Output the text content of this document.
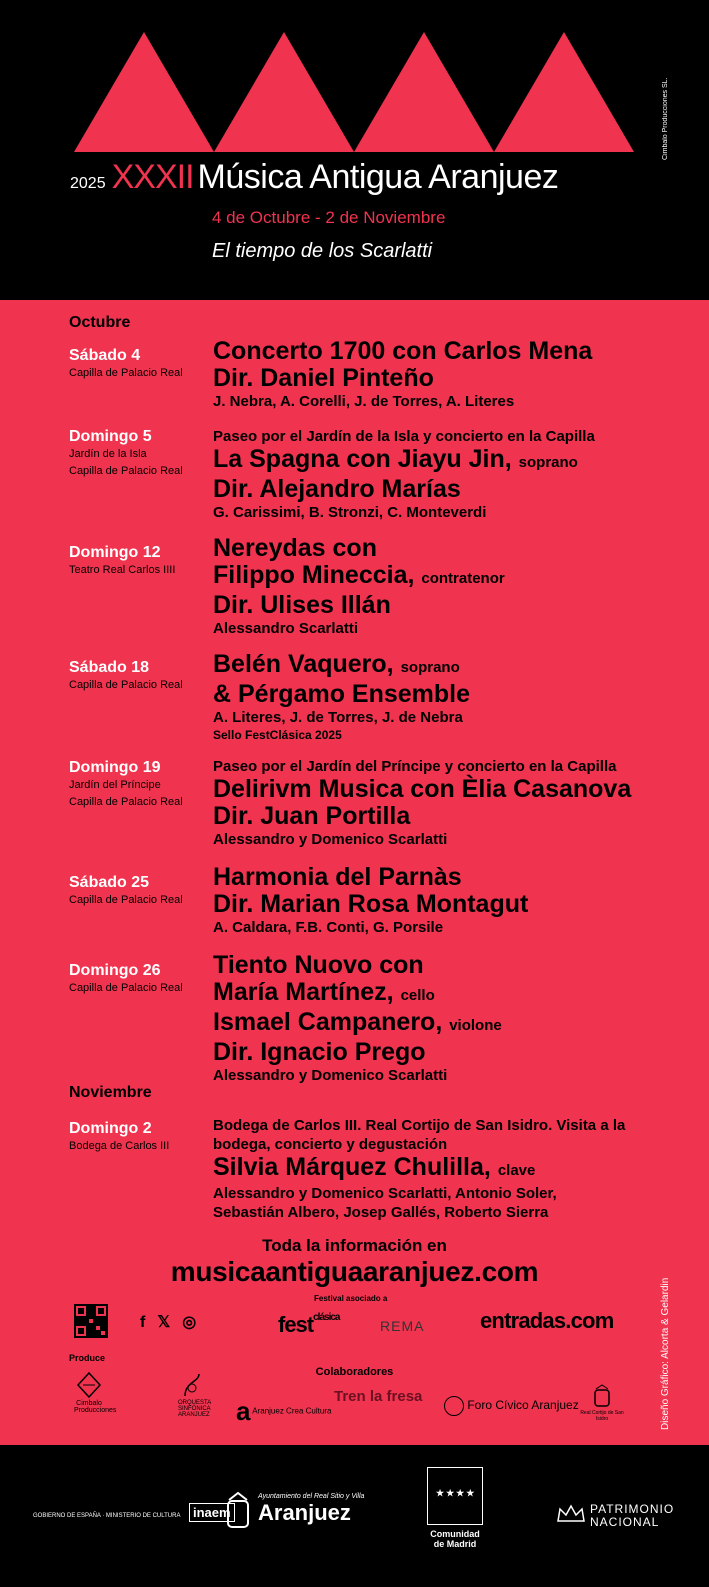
Cimbalo Producciones SL.
2025 XXXII Música Antigua Aranjuez
4 de Octubre - 2 de Noviembre
El tiempo de los Scarlatti
Octubre
Sábado 4
Capilla de Palacio Real
Concerto 1700 con Carlos Mena
Dir. Daniel Pinteño
J. Nebra, A. Corelli, J. de Torres, A. Literes
Domingo 5
Jardín de la Isla
Capilla de Palacio Real
Paseo por el Jardín de la Isla y concierto en la Capilla
La Spagna con Jiayu Jin, soprano
Dir. Alejandro Marías
G. Carissimi, B. Stronzi, C. Monteverdi
Domingo 12
Teatro Real Carlos IIII
Nereydas con
Filippo Mineccia, contratenor
Dir. Ulises Illán
Alessandro Scarlatti
Sábado 18
Capilla de Palacio Real
Belén Vaquero, soprano
& Pérgamo Ensemble
A. Literes, J. de Torres, J. de Nebra
Sello FestClásica 2025
Domingo 19
Jardín del Príncipe
Capilla de Palacio Real
Paseo por el Jardín del Príncipe y concierto en la Capilla
Delirivm Musica con Èlia Casanova
Dir. Juan Portilla
Alessandro y Domenico Scarlatti
Sábado 25
Capilla de Palacio Real
Harmonia del Parnàs
Dir. Marian Rosa Montagut
A. Caldara, F.B. Conti, G. Porsile
Domingo 26
Capilla de Palacio Real
Tiento Nuovo con
María Martínez, cello
Ismael Campanero, violone
Dir. Ignacio Prego
Alessandro y Domenico Scarlatti
Noviembre
Domingo 2
Bodega de Carlos III
Bodega de Carlos III. Real Cortijo de San Isidro. Visita a la bodega, concierto y degustación
Silvia Márquez Chulilla, clave
Alessandro y Domenico Scarlatti, Antonio Soler,
Sebastián Albero, Josep Gallés, Roberto Sierra
Toda la información en
musicaantiguaaranjuez.com
f 𝕏 ◎
Festival asociado a
fest$^{clásica}$
REMA	entradas.com
Produce
Colaboradores
Cimbalo Producciones
ORQUESTA SINFÓNICA ARANJUEZ a Aranjuez Crea Cultura
Tren la fresa
Foro Cívico Aranjuez
Real Cortijo de San Isidro	Diseño Gráfico: Alcorta & Gelardin
GOBIERNO DE ESPAÑA · MINISTERIO DE CULTURA inaem
Ayuntamiento del Real Sitio y Villa
Aranjuez
★★★★
Comunidad
de Madrid
PATRIMONIO
NACIONAL
